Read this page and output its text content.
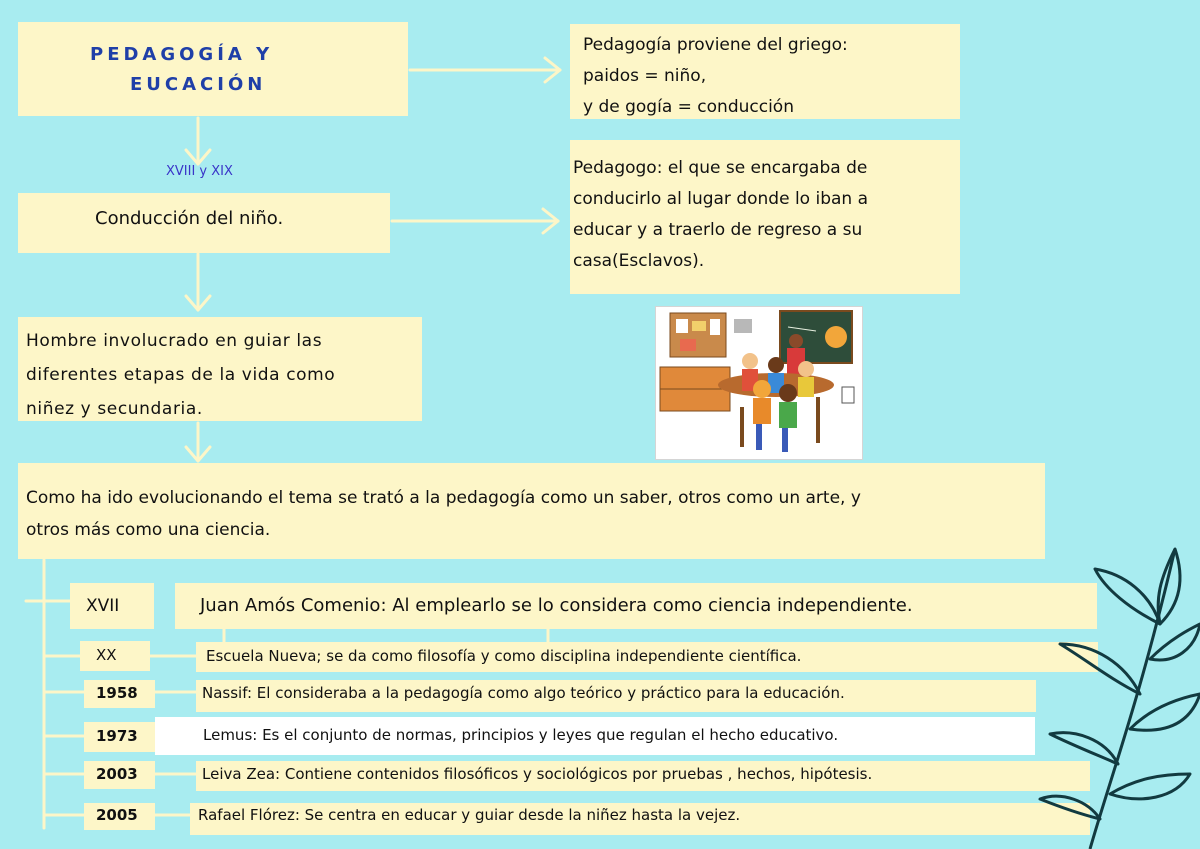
PEDAGOGÍA Y
EUCACIÓN
Pedagogía proviene del griego:
paidos = niño,
y de gogía = conducción
XVIII y XIX
Conducción del niño.
Pedagogo: el que se encargaba de
conducirlo al lugar donde lo iban a
educar y a traerlo de regreso a su
casa(Esclavos).
Hombre involucrado en guiar las
diferentes etapas de la vida como
niñez y secundaria.
Como ha ido evolucionando el tema se trató a la pedagogía como un saber, otros como un arte, y
otros más como una ciencia.
XVII	Juan Amós Comenio: Al emplearlo se lo considera como ciencia independiente.
XX	Escuela Nueva; se da como filosofía y como disciplina independiente científica.
1958	Nassif: El consideraba a la pedagogía como algo teórico y práctico para la educación.
1973	Lemus: Es el conjunto de normas, principios y leyes que regulan el hecho educativo.
2003	Leiva Zea: Contiene contenidos filosóficos y sociológicos por pruebas , hechos, hipótesis.
2005	Rafael Flórez: Se centra en educar y guiar desde la niñez hasta la vejez.
